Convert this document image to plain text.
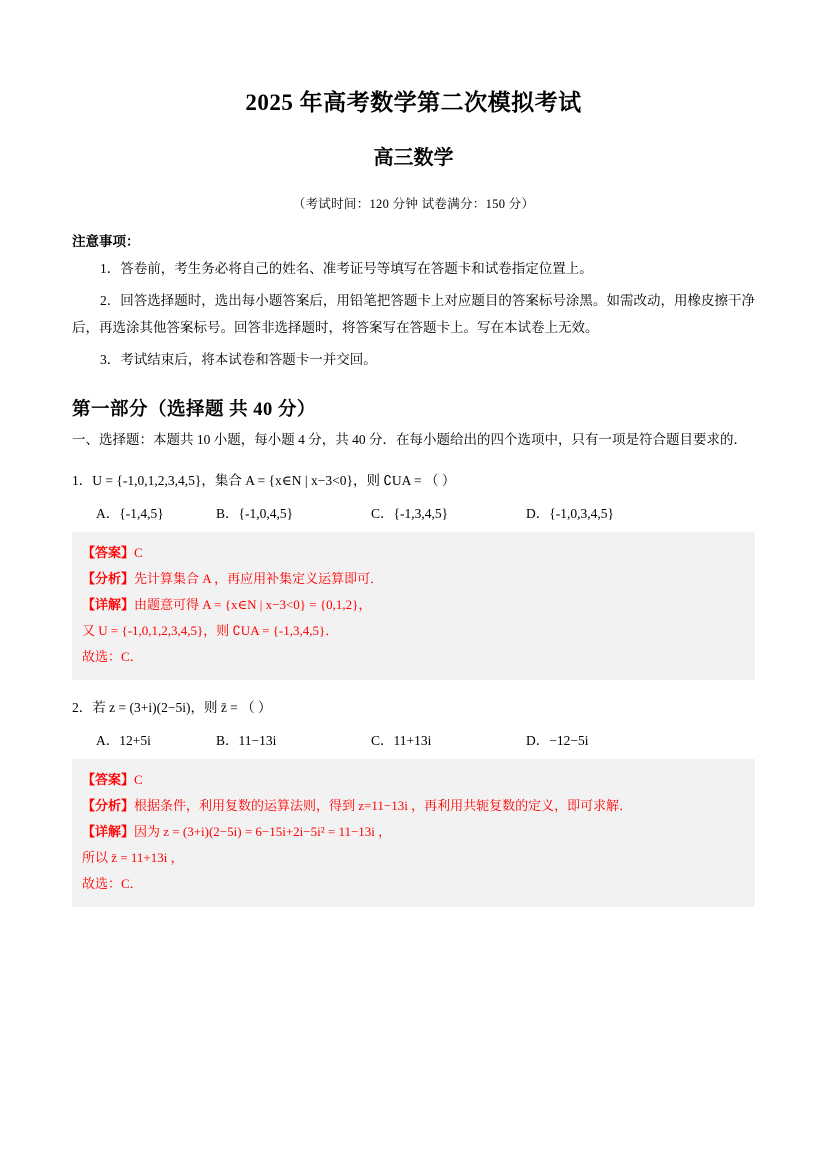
2025 年高考数学第二次模拟考试
高三数学
（考试时间：120 分钟 试卷满分：150 分）
注意事项：
1．答卷前，考生务必将自己的姓名、准考证号等填写在答题卡和试卷指定位置上。
2．回答选择题时，选出每小题答案后，用铅笔把答题卡上对应题目的答案标号涂黑。如需改动，用橡皮擦干净后，再选涂其他答案标号。回答非选择题时，将答案写在答题卡上。写在本试卷上无效。
3．考试结束后，将本试卷和答题卡一并交回。
第一部分（选择题 共 40 分）
一、选择题：本题共 10 小题，每小题 4 分，共 40 分．在每小题给出的四个选项中，只有一项是符合题目要求的．
1．U = {-1,0,1,2,3,4,5}，集合 A = {x∈N | x−3<0}，则 ∁UA = （ ）
A．{-1,4,5}	B．{-1,0,4,5}	C．{-1,3,4,5}	D．{-1,0,3,4,5}

【答案】C

【分析】先计算集合 A ，再应用补集定义运算即可．

【详解】由题意可得 A = {x∈N | x−3<0} = {0,1,2}，

又 U = {-1,0,1,2,3,4,5}，则 ∁UA = {-1,3,4,5}．

故选：C．

2．若 z = (3+i)(2−5i)，则 z̄ = （ ）
A．12+5i	B．11−13i	C．11+13i	D．−12−5i

【答案】C

【分析】根据条件，利用复数的运算法则，得到 z=11−13i ，再利用共轭复数的定义，即可求解．

【详解】因为 z = (3+i)(2−5i) = 6−15i+2i−5i² = 11−13i ，

所以 z̄ = 11+13i ，

故选：C．
